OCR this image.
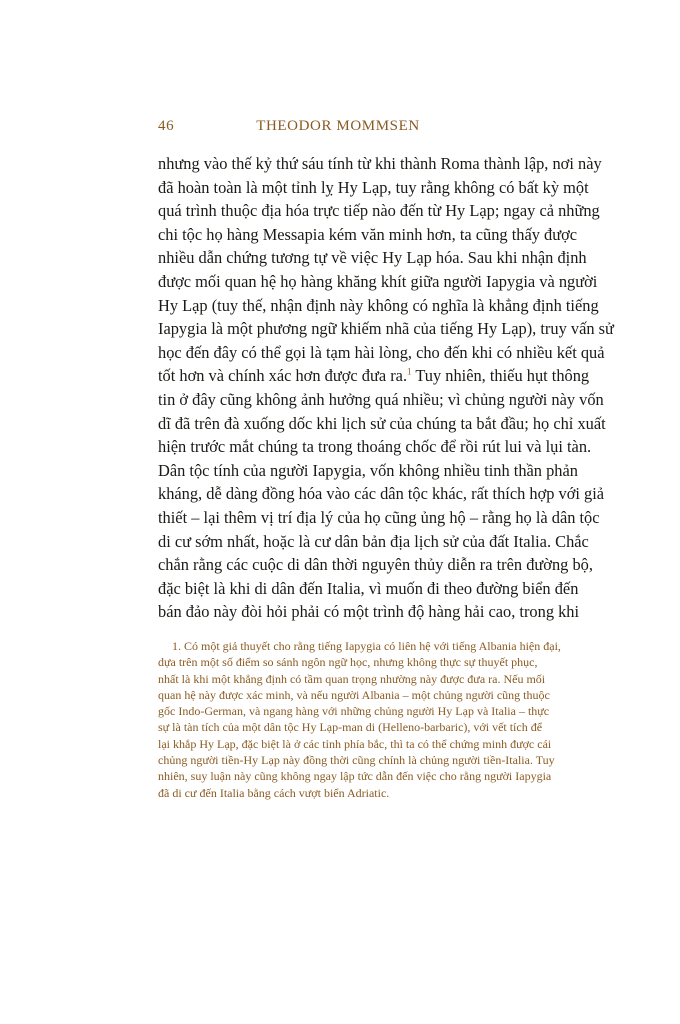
46	THEODOR MOMMSEN
nhưng vào thế kỷ thứ sáu tính từ khi thành Roma thành lập, nơi này
đã hoàn toàn là một tỉnh lỵ Hy Lạp, tuy rằng không có bất kỳ một
quá trình thuộc địa hóa trực tiếp nào đến từ Hy Lạp; ngay cả những
chi tộc họ hàng Messapia kém văn minh hơn, ta cũng thấy được
nhiều dẫn chứng tương tự về việc Hy Lạp hóa. Sau khi nhận định
được mối quan hệ họ hàng khăng khít giữa người Iapygia và người
Hy Lạp (tuy thế, nhận định này không có nghĩa là khẳng định tiếng
Iapygia là một phương ngữ khiếm nhã của tiếng Hy Lạp), truy vấn sử
học đến đây có thể gọi là tạm hài lòng, cho đến khi có nhiều kết quả
tốt hơn và chính xác hơn được đưa ra.$^1$ Tuy nhiên, thiếu hụt thông
tin ở đây cũng không ảnh hưởng quá nhiều; vì chủng người này vốn
dĩ đã trên đà xuống dốc khi lịch sử của chúng ta bắt đầu; họ chỉ xuất
hiện trước mắt chúng ta trong thoáng chốc để rồi rút lui và lụi tàn.
Dân tộc tính của người Iapygia, vốn không nhiều tinh thần phản
kháng, dễ dàng đồng hóa vào các dân tộc khác, rất thích hợp với giả
thiết – lại thêm vị trí địa lý của họ cũng ủng hộ – rằng họ là dân tộc
di cư sớm nhất, hoặc là cư dân bản địa lịch sử của đất Italia. Chắc
chắn rằng các cuộc di dân thời nguyên thủy diễn ra trên đường bộ,
đặc biệt là khi di dân đến Italia, vì muốn đi theo đường biển đến
bán đảo này đòi hỏi phải có một trình độ hàng hải cao, trong khi
1. Có một giả thuyết cho rằng tiếng Iapygia có liên hệ với tiếng Albania hiện đại,
dựa trên một số điểm so sánh ngôn ngữ học, nhưng không thực sự thuyết phục,
nhất là khi một khẳng định có tầm quan trọng nhường này được đưa ra. Nếu mối
quan hệ này được xác minh, và nếu người Albania – một chủng người cũng thuộc
gốc Indo-German, và ngang hàng với những chủng người Hy Lạp và Italia – thực
sự là tàn tích của một dân tộc Hy Lạp-man di (Helleno-barbaric), với vết tích để
lại khắp Hy Lạp, đặc biệt là ở các tỉnh phía bắc, thì ta có thể chứng minh được cái
chủng người tiền-Hy Lạp này đồng thời cũng chính là chủng người tiền-Italia. Tuy
nhiên, suy luận này cũng không ngay lập tức dẫn đến việc cho rằng người Iapygia
đã di cư đến Italia bằng cách vượt biển Adriatic.
